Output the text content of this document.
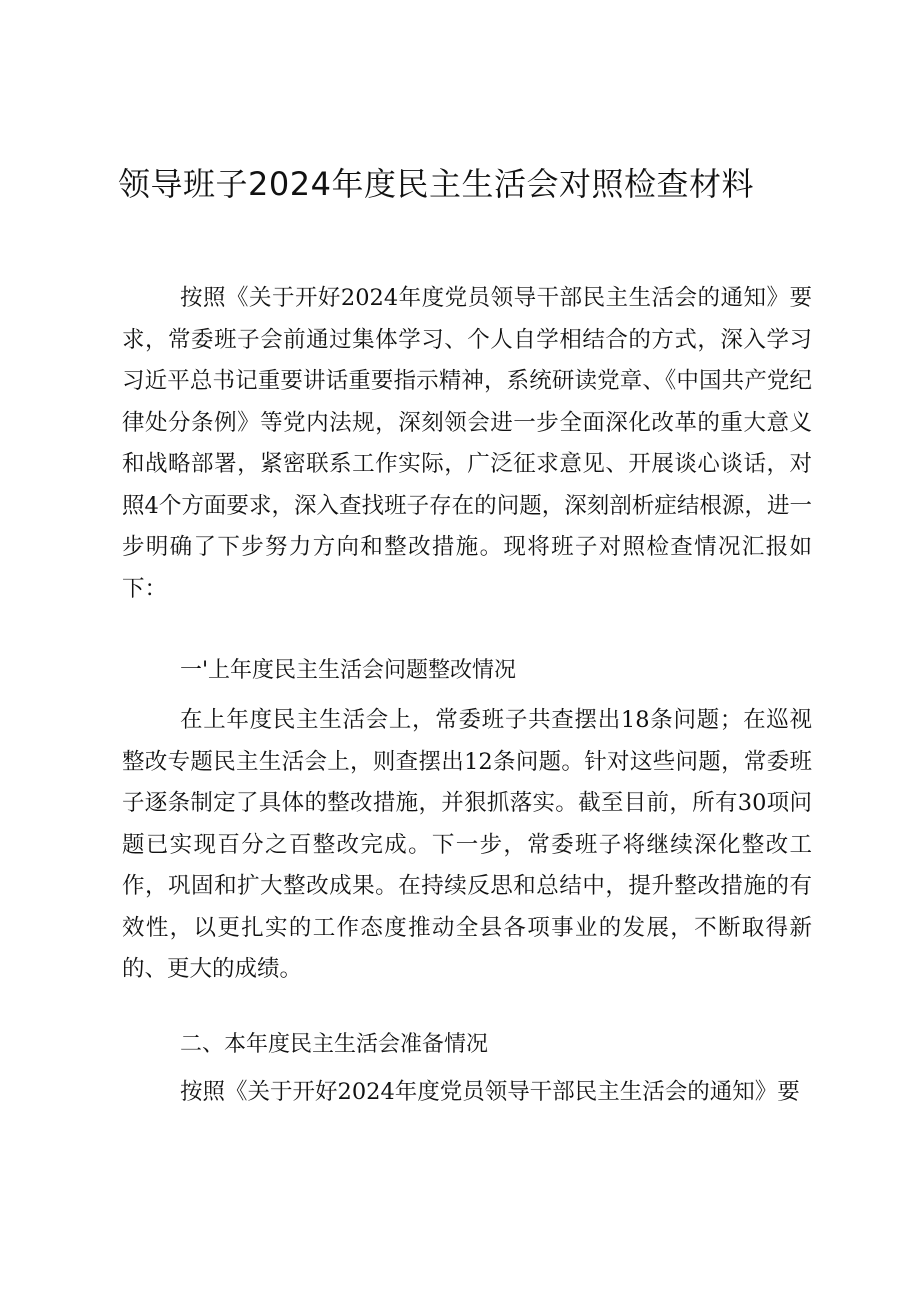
领导班子2024年度民主生活会对照检查材料

按照《关于开好2024年度党员领导干部民主生活会的通知》要求，常委班子会前通过集体学习、个人自学相结合的方式，深入学习习近平总书记重要讲话重要指示精神，系统研读党章、《中国共产党纪律处分条例》等党内法规，深刻领会进一步全面深化改革的重大意义和战略部署，紧密联系工作实际，广泛征求意见、开展谈心谈话，对照4个方面要求，深入查找班子存在的问题，深刻剖析症结根源，进一步明确了下步努力方向和整改措施。现将班子对照检查情况汇报如下：

一'上年度民主生活会问题整改情况

在上年度民主生活会上，常委班子共查摆出18条问题；在巡视整改专题民主生活会上，则查摆出12条问题。针对这些问题，常委班子逐条制定了具体的整改措施，并狠抓落实。截至目前，所有30项问题已实现百分之百整改完成。下一步，常委班子将继续深化整改工作，巩固和扩大整改成果。在持续反思和总结中，提升整改措施的有效性，以更扎实的工作态度推动全县各项事业的发展，不断取得新的、更大的成绩。

二、本年度民主生活会准备情况

按照《关于开好2024年度党员领导干部民主生活会的通知》要
